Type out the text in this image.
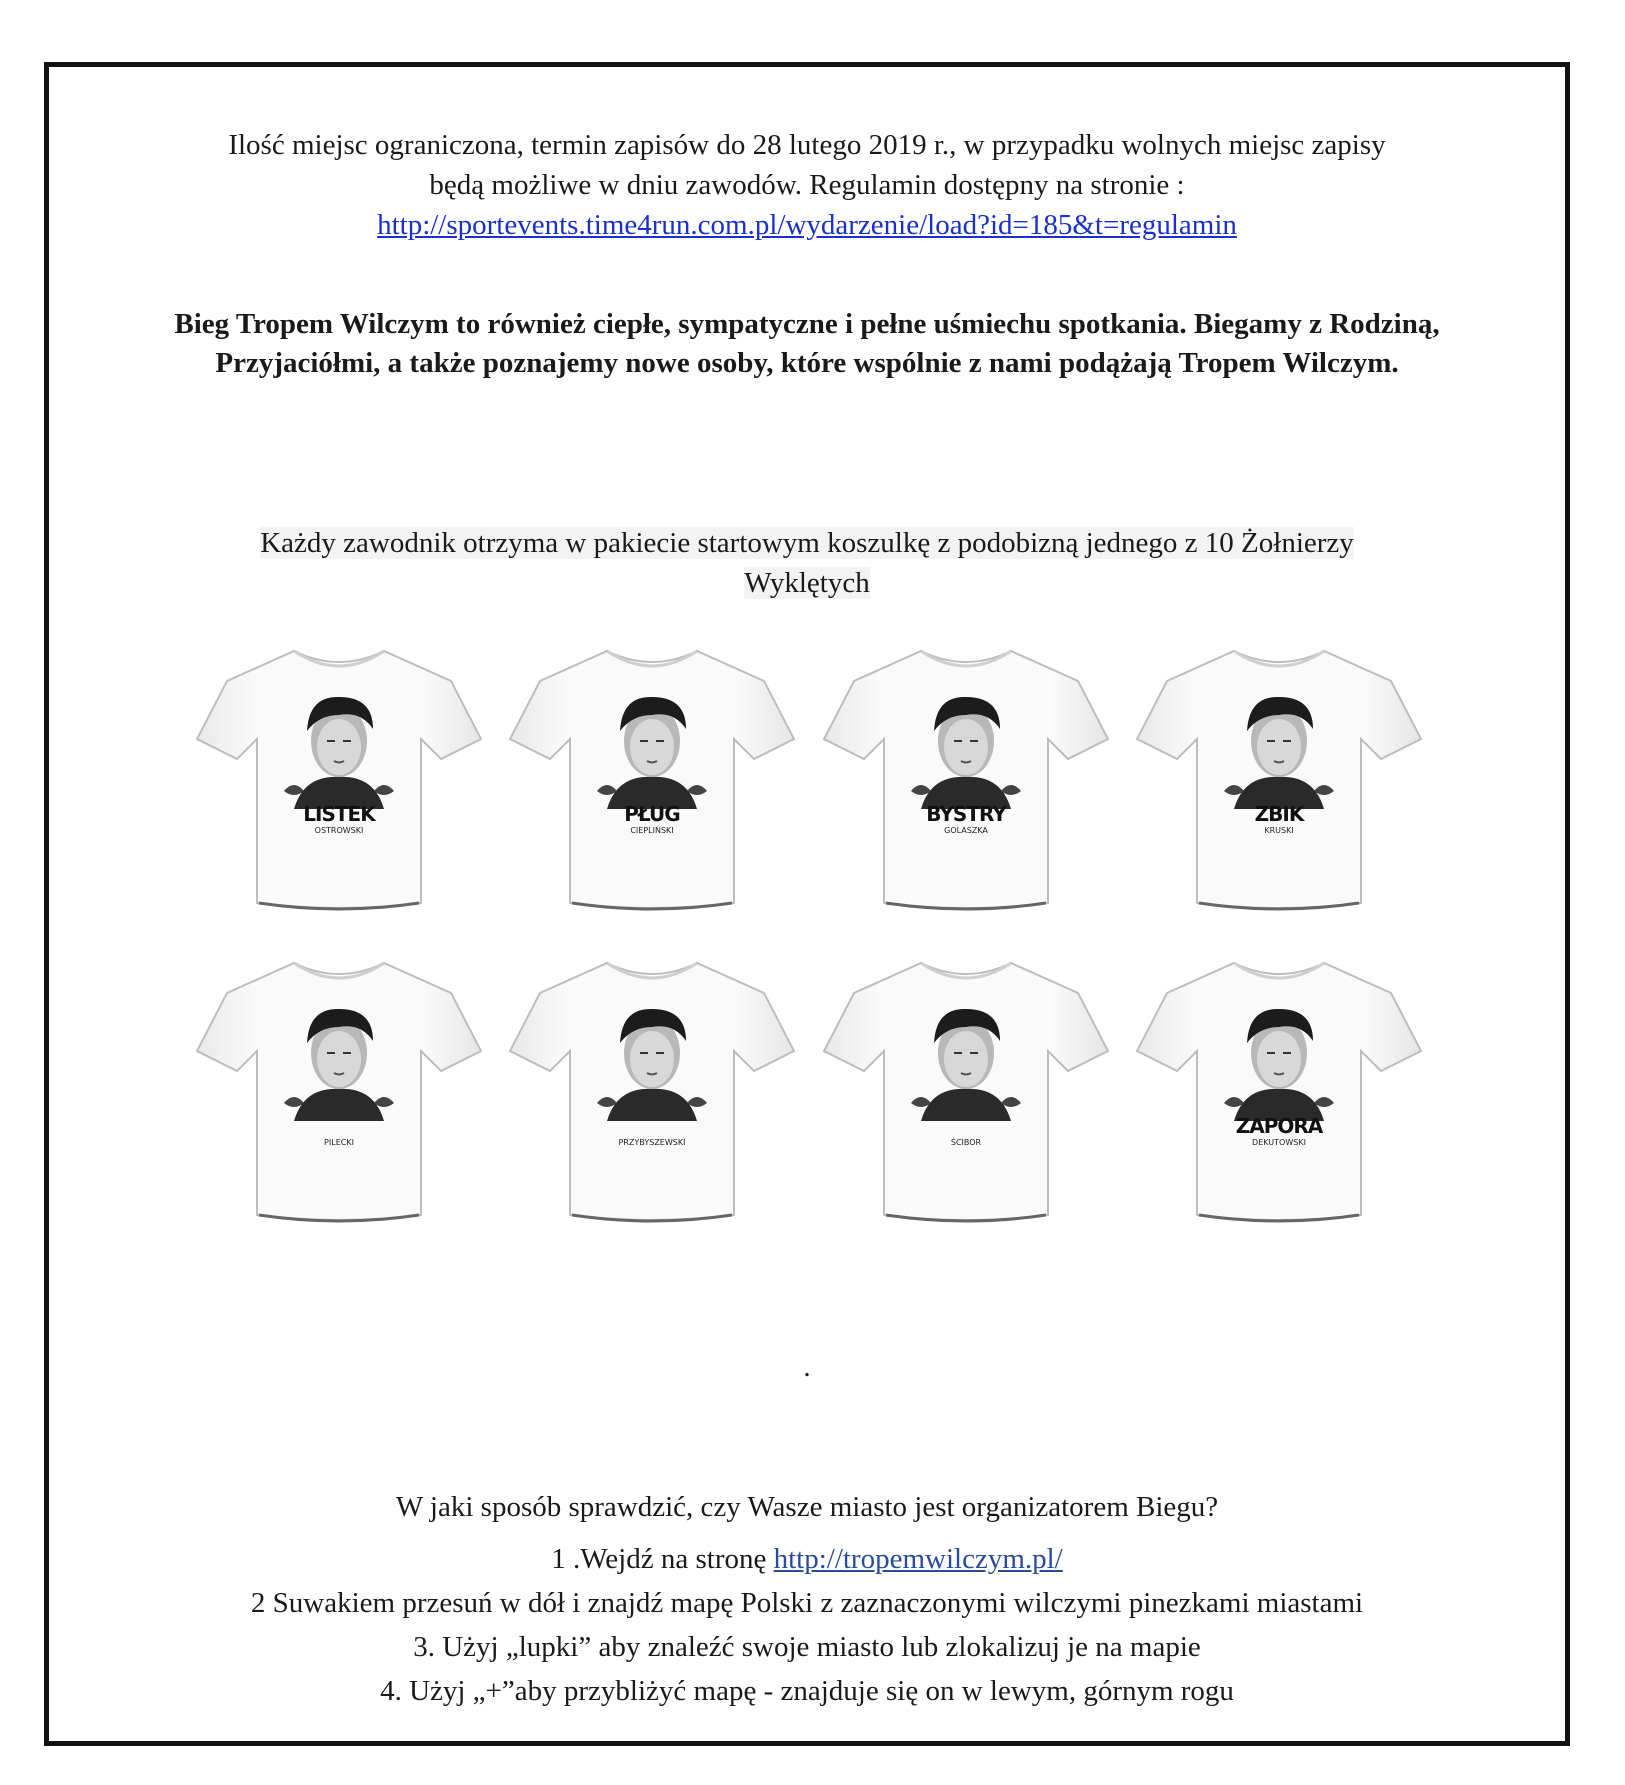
Ilość miejsc ograniczona, termin zapisów do 28 lutego 2019 r., w przypadku wolnych miejsc zapisy
będą możliwe w dniu zawodów. Regulamin dostępny na stronie :
http://sportevents.time4run.com.pl/wydarzenie/load?id=185&t=regulamin
Bieg Tropem Wilczym to również ciepłe, sympatyczne i pełne uśmiechu spotkania. Biegamy z Rodziną, Przyjaciółmi, a także poznajemy nowe osoby, które wspólnie z nami podążają Tropem Wilczym.
Każdy zawodnik otrzyma w pakiecie startowym koszulkę z podobizną jednego z 10 Żołnierzy
Wyklętych
LISTEK
OSTROWSKI
PŁUG
CIEPLIŃSKI
BYSTRY
GOLASZKA
ZBIK
KRUSKI
PILECKI	PRZYBYSZEWSKI	ŚCIBOR
ZAPORA
DEKUTOWSKI
.
W jaki sposób sprawdzić, czy Wasze miasto jest organizatorem Biegu?
1 .Wejdź na stronę http://tropemwilczym.pl/
2 Suwakiem przesuń w dół i znajdź mapę Polski z zaznaczonymi wilczymi pinezkami miastami
3. Użyj „lupki” aby znaleźć swoje miasto lub zlokalizuj je na mapie
4. Użyj „+”aby przybliżyć mapę - znajduje się on w lewym, górnym rogu
